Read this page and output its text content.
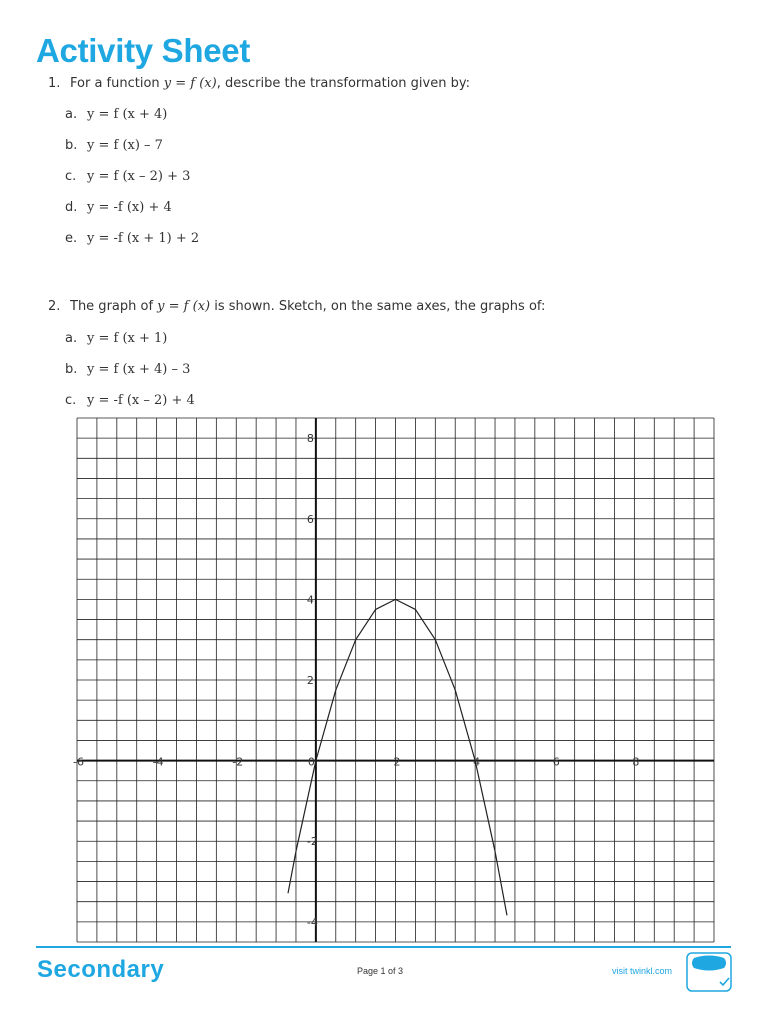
Activity Sheet
1. For a function y = f (x), describe the transformation given by:
a. y = f (x + 4)
b. y = f (x) – 7
c. y = f (x – 2) + 3
d. y = -f (x) + 4
e. y = -f (x + 1) + 2
2. The graph of y = f (x) is shown. Sketch, on the same axes, the graphs of:
a. y = f (x + 1)
b. y = f (x + 4) – 3
c. y = -f (x – 2) + 4
-6	-4	-2	0	2	4	6	8
8
6
4
2
-2
-4
Secondary	Page 1 of 3	visit twinkl.com
